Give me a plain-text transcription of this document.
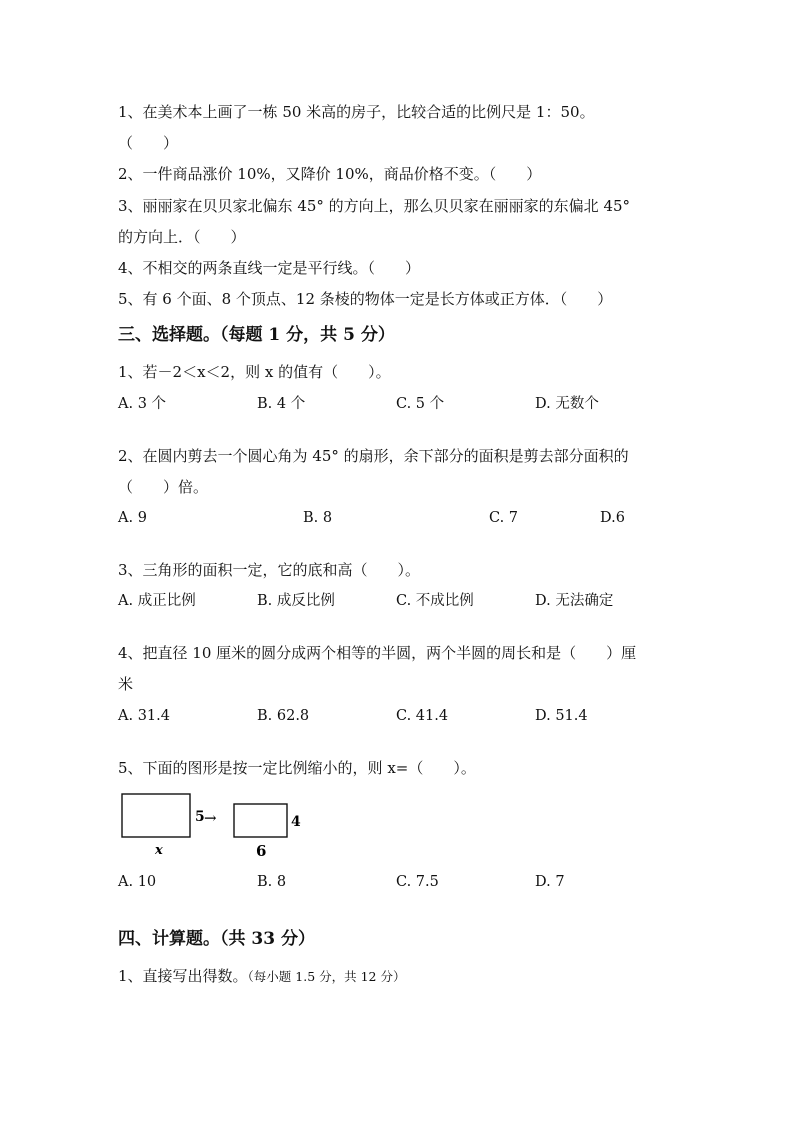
1、在美术本上画了一栋 50 米高的房子，比较合适的比例尺是 1：50。
（　　）
2、一件商品涨价 10%，又降价 10%，商品价格不变。（　　）
3、丽丽家在贝贝家北偏东 45° 的方向上，那么贝贝家在丽丽家的东偏北 45°
的方向上．（　　）
4、不相交的两条直线一定是平行线。（　　）
5、有 6 个面、8 个顶点、12 条棱的物体一定是长方体或正方体．（　　）
三、选择题。（每题 1 分，共 5 分）
1、若－2＜x＜2，则 x 的值有（　　）。
A. 3 个	B. 4 个	C. 5 个	D. 无数个
2、在圆内剪去一个圆心角为 45° 的扇形，余下部分的面积是剪去部分面积的
（　　）倍。
A. 9	B. 8	C. 7	D.6
3、三角形的面积一定，它的底和高（　　）。
A. 成正比例	B. 成反比例	C. 不成比例	D. 无法确定
4、把直径 10 厘米的圆分成两个相等的半圆，两个半圆的周长和是（　　）厘
米
A. 31.4	B. 62.8	C. 41.4	D. 51.4
5、下面的图形是按一定比例缩小的，则 x=（　　）。
5 →
x
4
6
A. 10	B. 8	C. 7.5	D. 7
四、计算题。（共 33 分）
1、直接写出得数。（每小题 1.5 分，共 12 分）
